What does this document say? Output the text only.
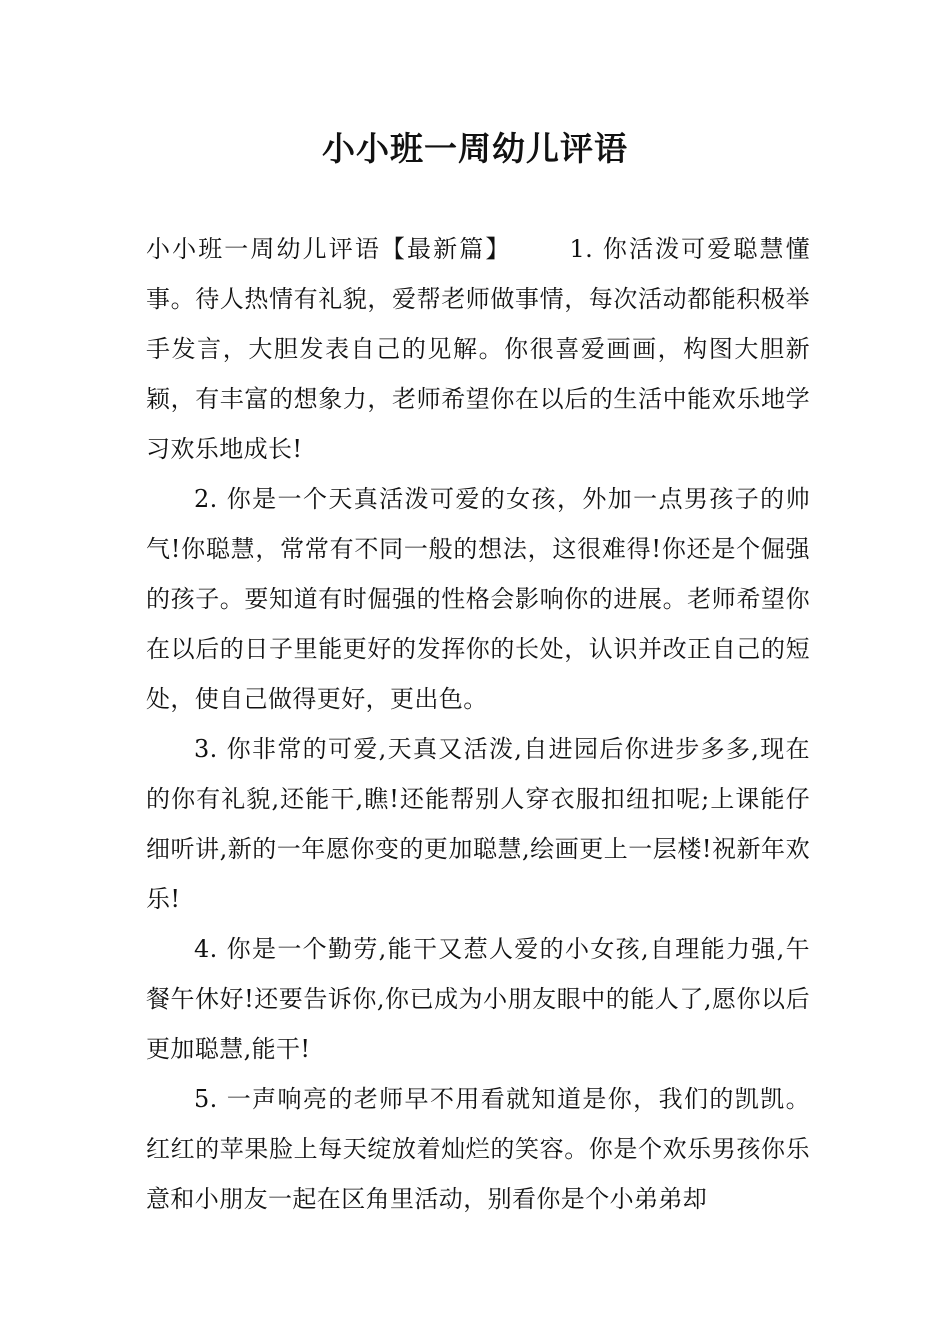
小小班一周幼儿评语

小小班一周幼儿评语【最新篇】 1. 你活泼可爱聪慧懂事。待人热情有礼貌，爱帮老师做事情，每次活动都能积极举手发言，大胆发表自己的见解。你很喜爱画画，构图大胆新颖，有丰富的想象力，老师希望你在以后的生活中能欢乐地学习欢乐地成长!

2. 你是一个天真活泼可爱的女孩，外加一点男孩子的帅气!你聪慧，常常有不同一般的想法，这很难得!你还是个倔强的孩子。要知道有时倔强的性格会影响你的进展。老师希望你在以后的日子里能更好的发挥你的长处，认识并改正自己的短处，使自己做得更好，更出色。

3. 你非常的可爱,天真又活泼,自进园后你进步多多,现在的你有礼貌,还能干,瞧!还能帮别人穿衣服扣纽扣呢;上课能仔细听讲,新的一年愿你变的更加聪慧,绘画更上一层楼!祝新年欢乐!

4. 你是一个勤劳,能干又惹人爱的小女孩,自理能力强,午餐午休好!还要告诉你,你已成为小朋友眼中的能人了,愿你以后更加聪慧,能干!

5. 一声响亮的老师早不用看就知道是你，我们的凯凯。红红的苹果脸上每天绽放着灿烂的笑容。你是个欢乐男孩你乐意和小朋友一起在区角里活动，别看你是个小弟弟却
